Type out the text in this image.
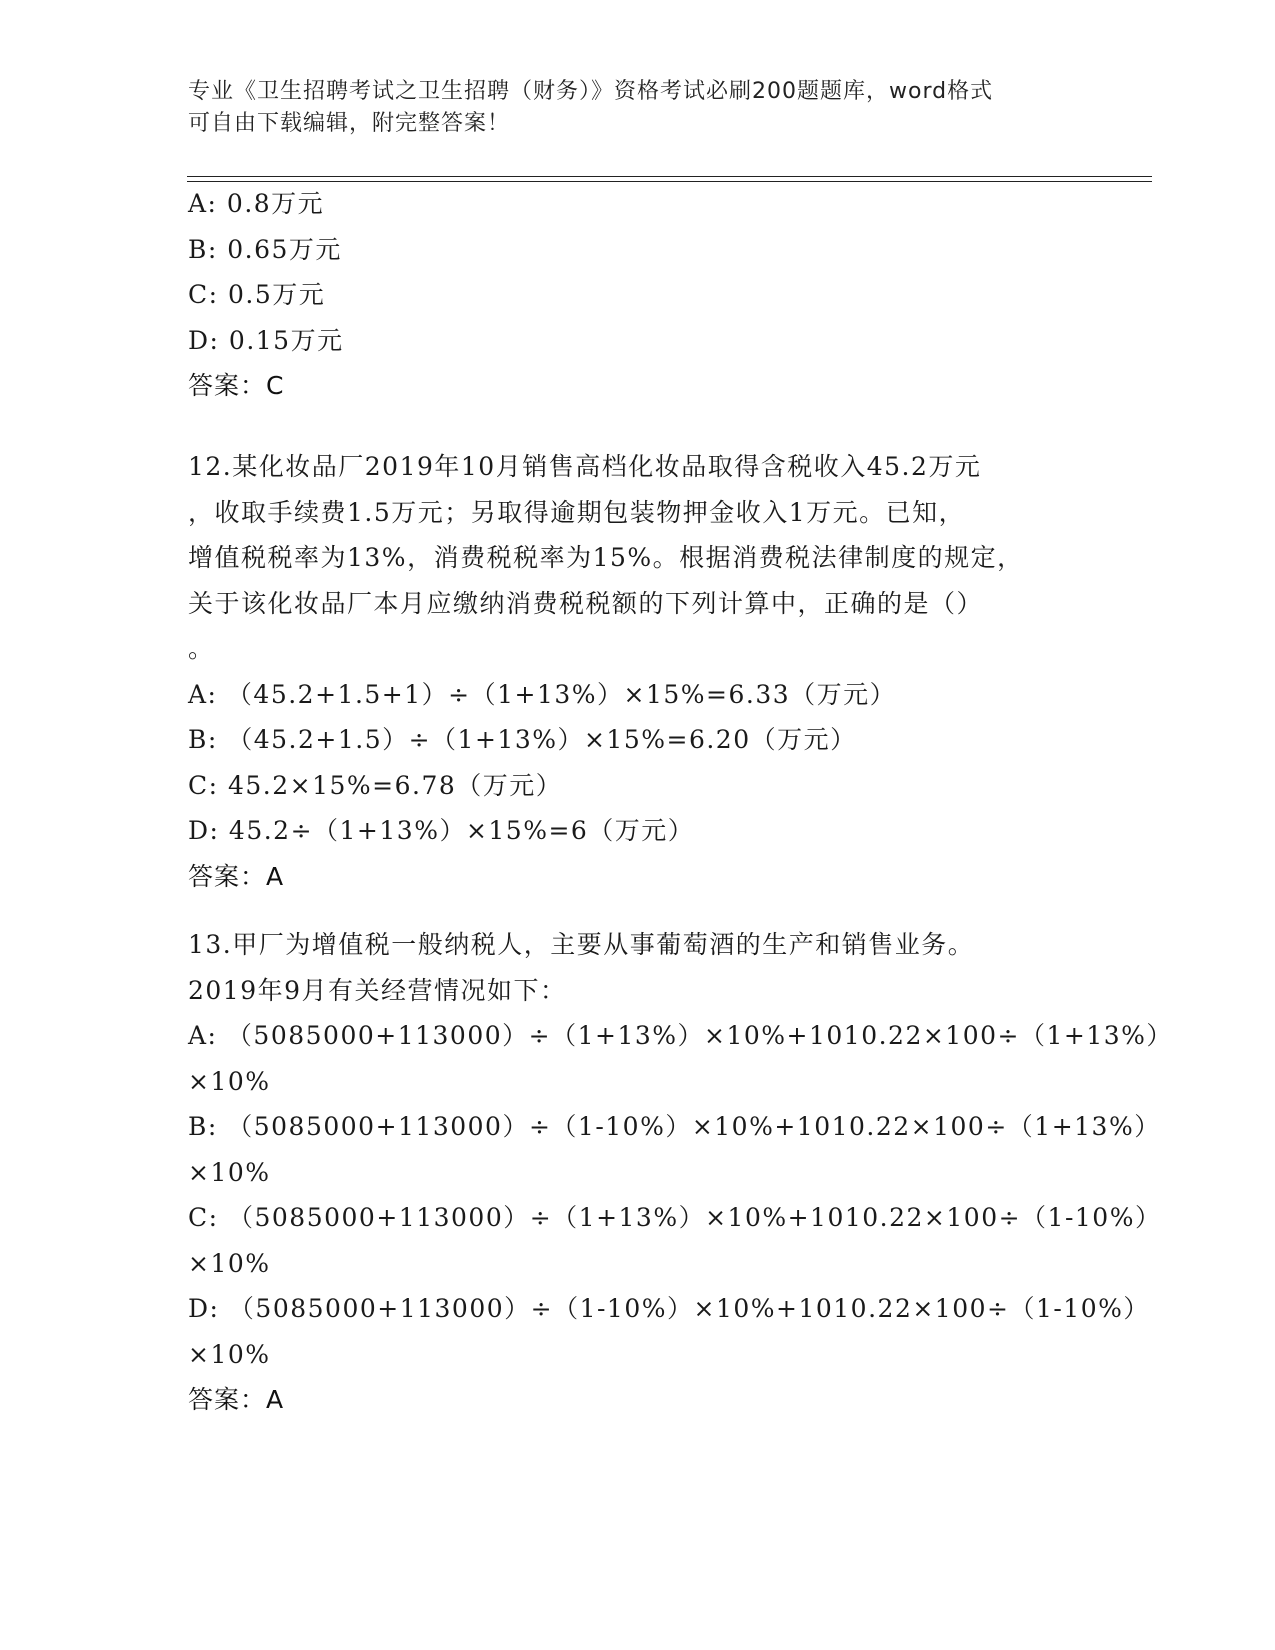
专业《卫生招聘考试之卫生招聘（财务）》资格考试必刷200题题库，word格式
可自由下载编辑，附完整答案！
A: 0.8万元
B: 0.65万元
C: 0.5万元
D: 0.15万元
答案：C
12.某化妆品厂2019年10月销售高档化妆品取得含税收入45.2万元
，收取手续费1.5万元；另取得逾期包装物押金收入1万元。已知，
增值税税率为13%，消费税税率为15%。根据消费税法律制度的规定，
关于该化妆品厂本月应缴纳消费税税额的下列计算中，正确的是（）
。
A: （45.2+1.5+1）÷（1+13%）×15%=6.33（万元）
B: （45.2+1.5）÷（1+13%）×15%=6.20（万元）
C: 45.2×15%=6.78（万元）
D: 45.2÷（1+13%）×15%=6（万元）
答案：A
13.甲厂为增值税一般纳税人，主要从事葡萄酒的生产和销售业务。
2019年9月有关经营情况如下：
A: （5085000+113000）÷（1+13%）×10%+1010.22×100÷（1+13%）
×10%
B: （5085000+113000）÷（1-10%）×10%+1010.22×100÷（1+13%）
×10%
C: （5085000+113000）÷（1+13%）×10%+1010.22×100÷（1-10%）
×10%
D: （5085000+113000）÷（1-10%）×10%+1010.22×100÷（1-10%）
×10%
答案：A
